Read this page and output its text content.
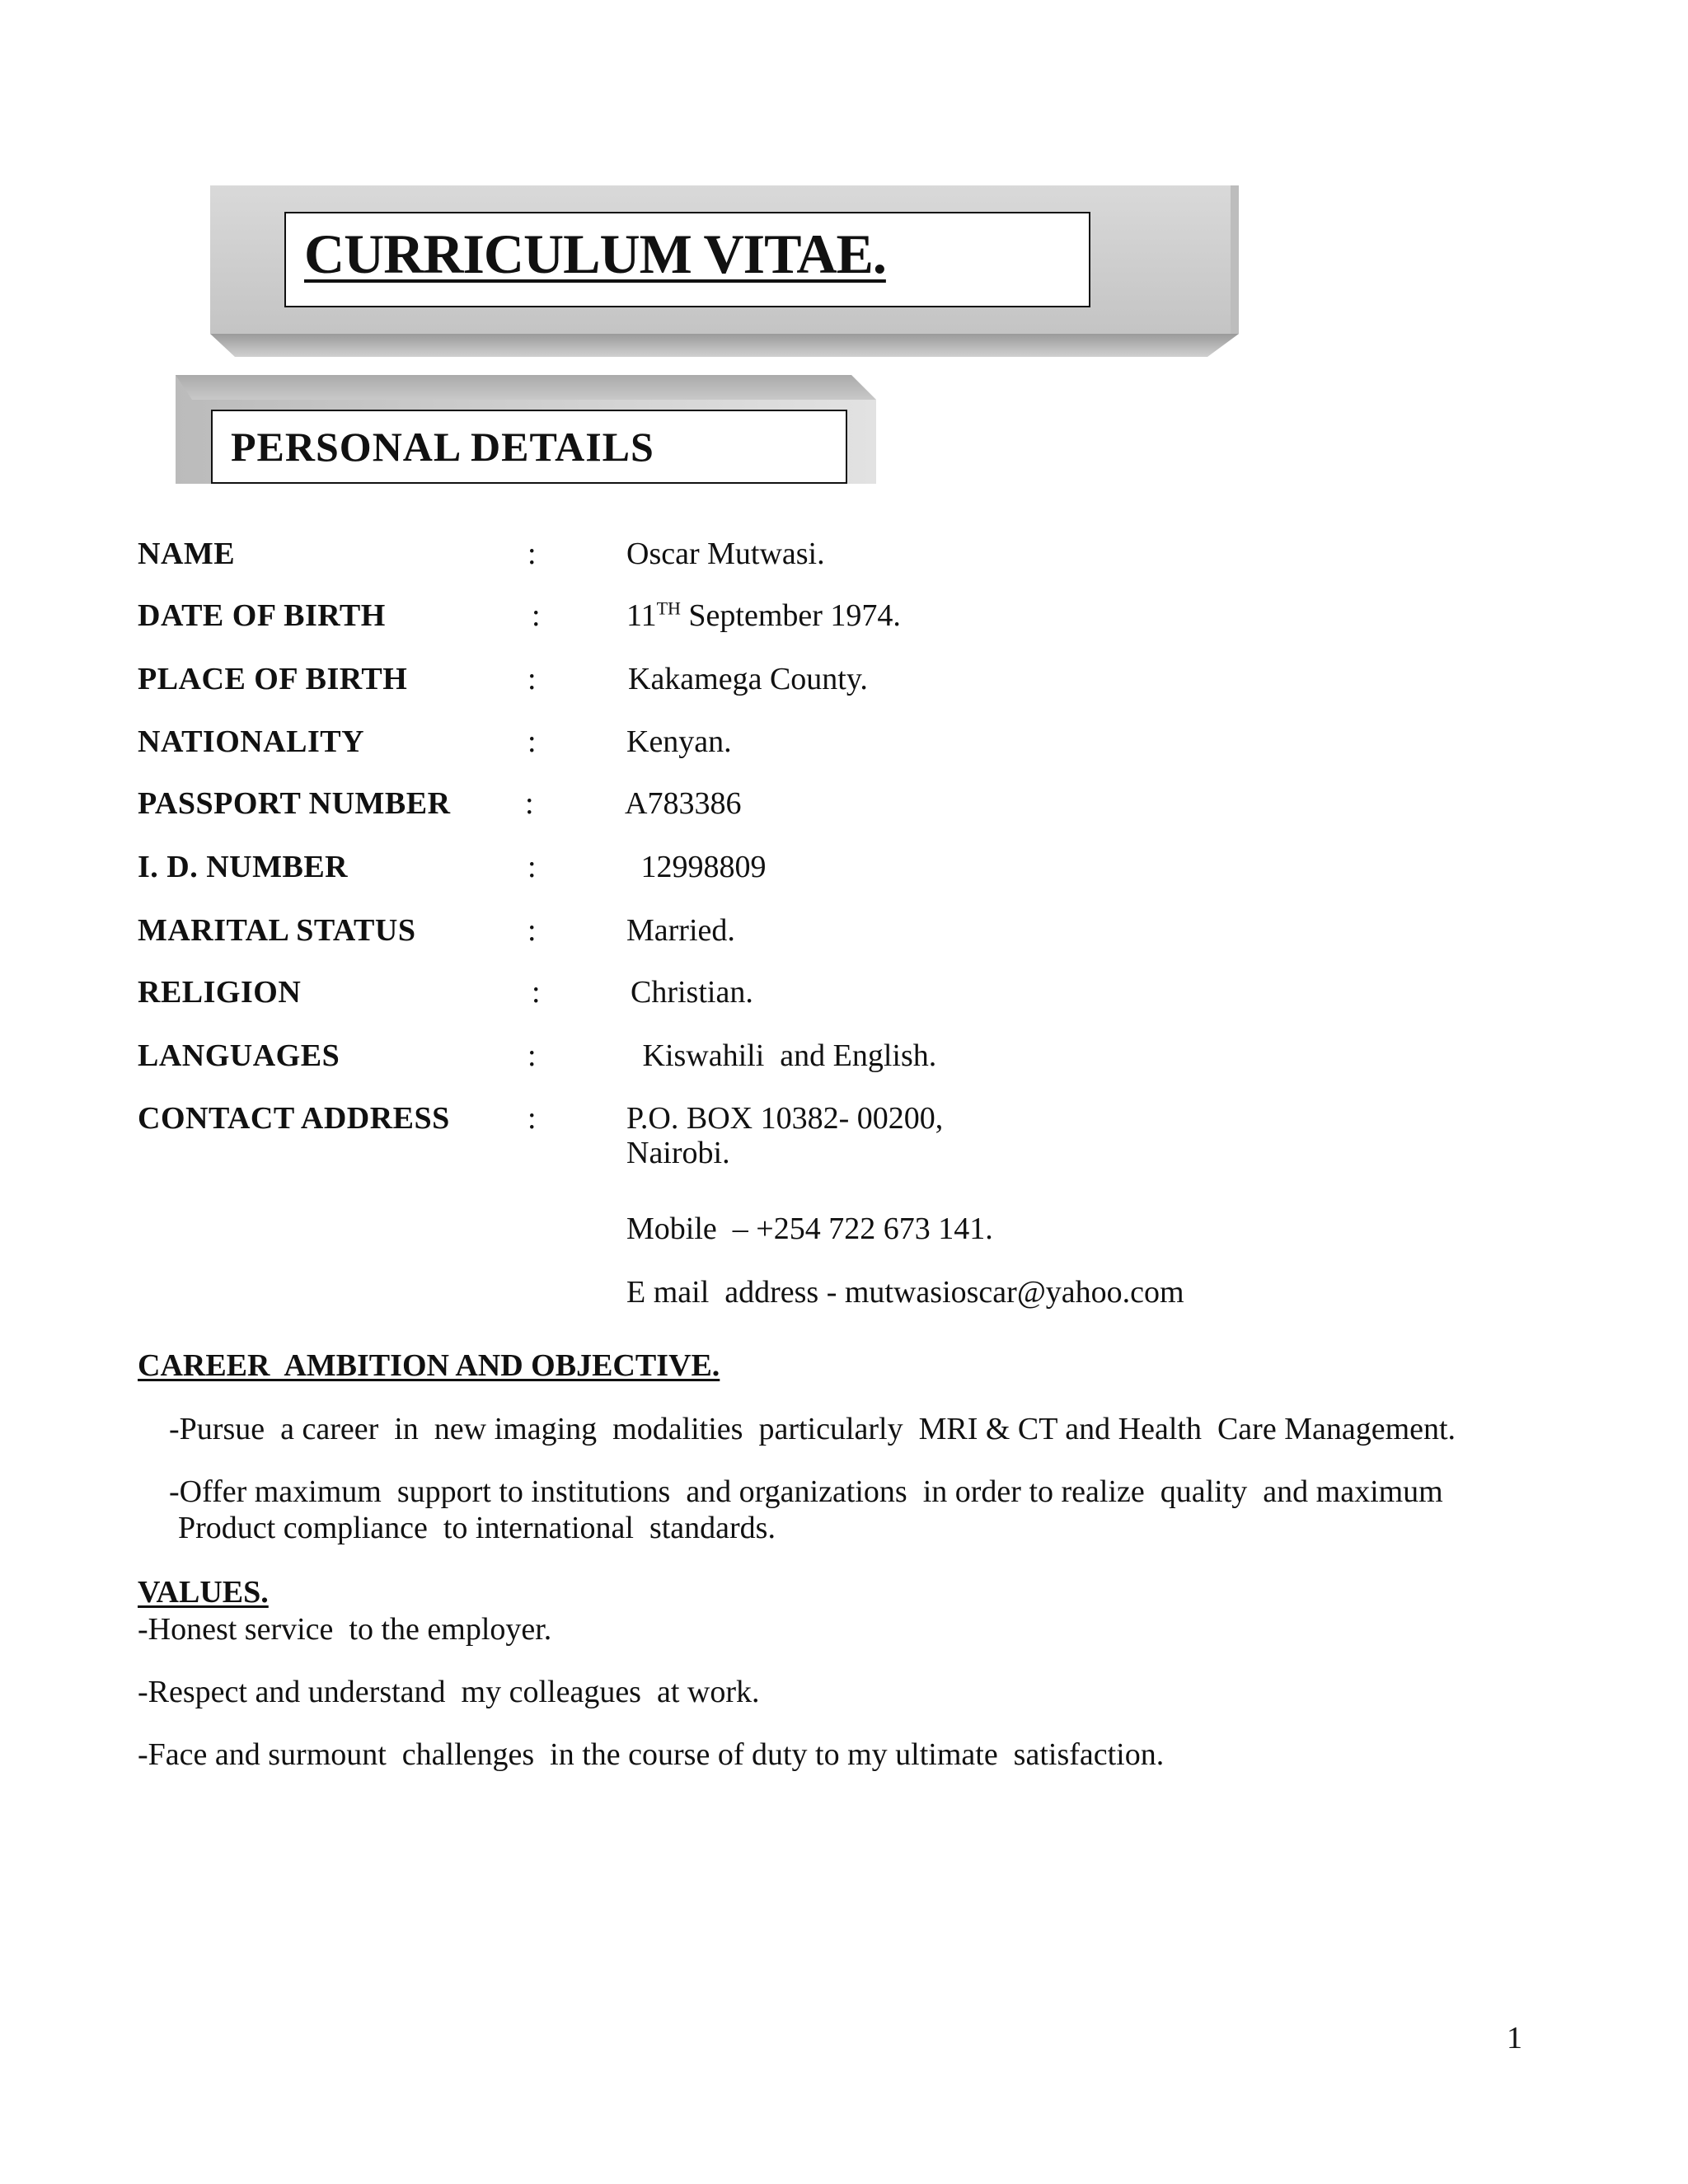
CURRICULUM VITAE.
PERSONAL DETAILS
NAME	:	Oscar Mutwasi.
DATE OF BIRTH	:	11TH September 1974.
PLACE OF BIRTH	:	Kakamega County.
NATIONALITY	:	Kenyan.
PASSPORT NUMBER :	A783386
I. D. NUMBER	:	12998809
MARITAL STATUS	:	Married.
RELIGION	:	Christian.
LANGUAGES	:	Kiswahili  and English.
CONTACT ADDRESS :	P.O. BOX 10382- 00200,
Nairobi.
Mobile  – +254 722 673 141.
E mail  address - mutwasioscar@yahoo.com
CAREER  AMBITION AND OBJECTIVE.
-Pursue  a career  in  new imaging  modalities  particularly  MRI & CT and Health  Care Management.
-Offer maximum  support to institutions  and organizations  in order to realize  quality  and maximum
Product compliance  to international  standards.
VALUES.
-Honest service  to the employer.
-Respect and understand  my colleagues  at work.
-Face and surmount  challenges  in the course of duty to my ultimate  satisfaction.
1
